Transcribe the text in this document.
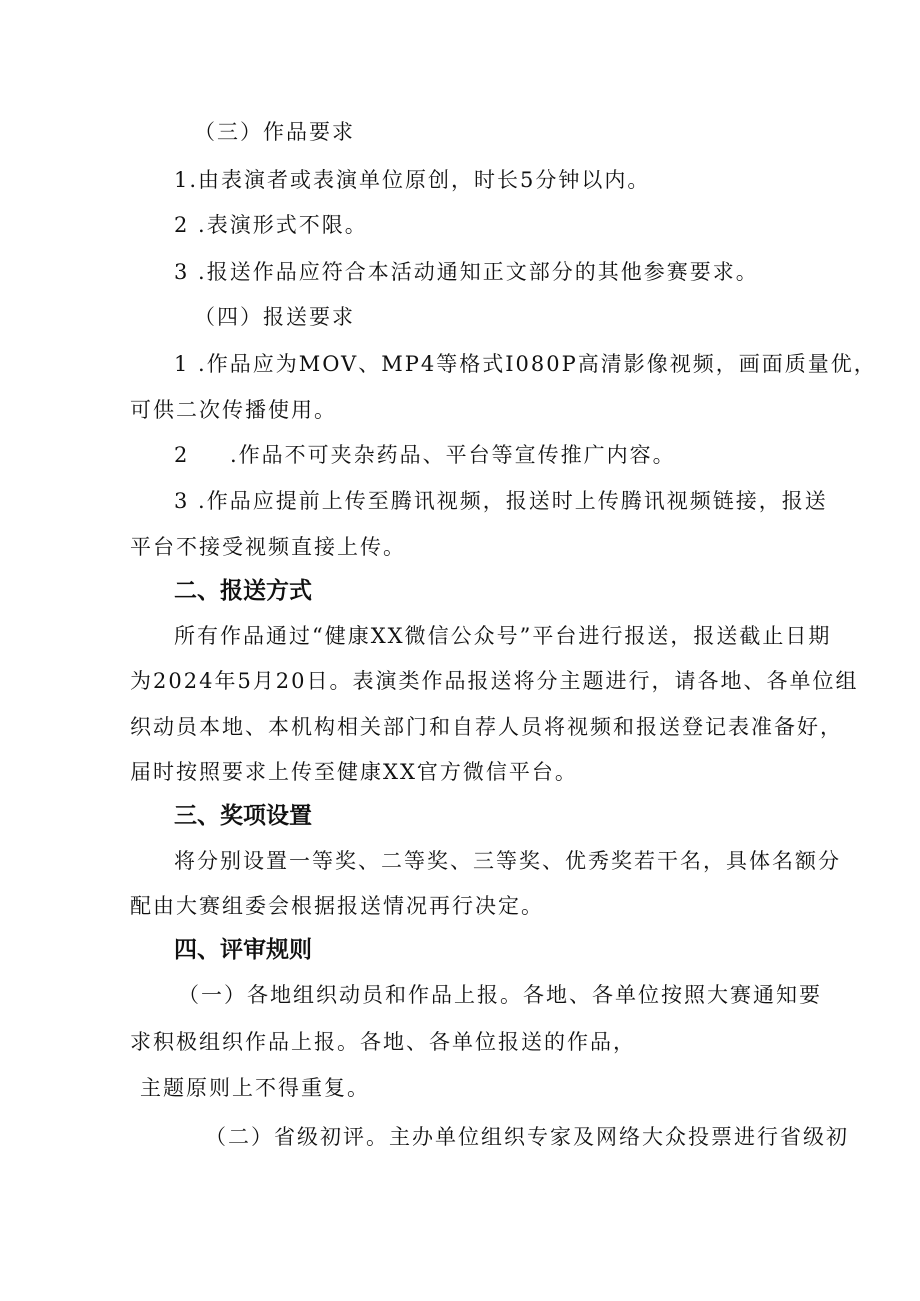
（三）作品要求
1.由表演者或表演单位原创，时长5分钟以内。
2 .表演形式不限。
3 .报送作品应符合本活动通知正文部分的其他参赛要求。
（四）报送要求
1 .作品应为MOV、MP4等格式I080P高清影像视频，画面质量优，
可供二次传播使用。
2 .作品不可夹杂药品、平台等宣传推广内容。
3 .作品应提前上传至腾讯视频，报送时上传腾讯视频链接，报送
平台不接受视频直接上传。
二、报送方式
所有作品通过“健康XX微信公众号”平台进行报送，报送截止日期
为2024年5月20日。表演类作品报送将分主题进行，请各地、各单位组
织动员本地、本机构相关部门和自荐人员将视频和报送登记表准备好，
届时按照要求上传至健康XX官方微信平台。
三、奖项设置
将分别设置一等奖、二等奖、三等奖、优秀奖若干名，具体名额分
配由大赛组委会根据报送情况再行决定。
四、评审规则
（一）各地组织动员和作品上报。各地、各单位按照大赛通知要
求积极组织作品上报。各地、各单位报送的作品，
主题原则上不得重复。
（二）省级初评。主办单位组织专家及网络大众投票进行省级初
